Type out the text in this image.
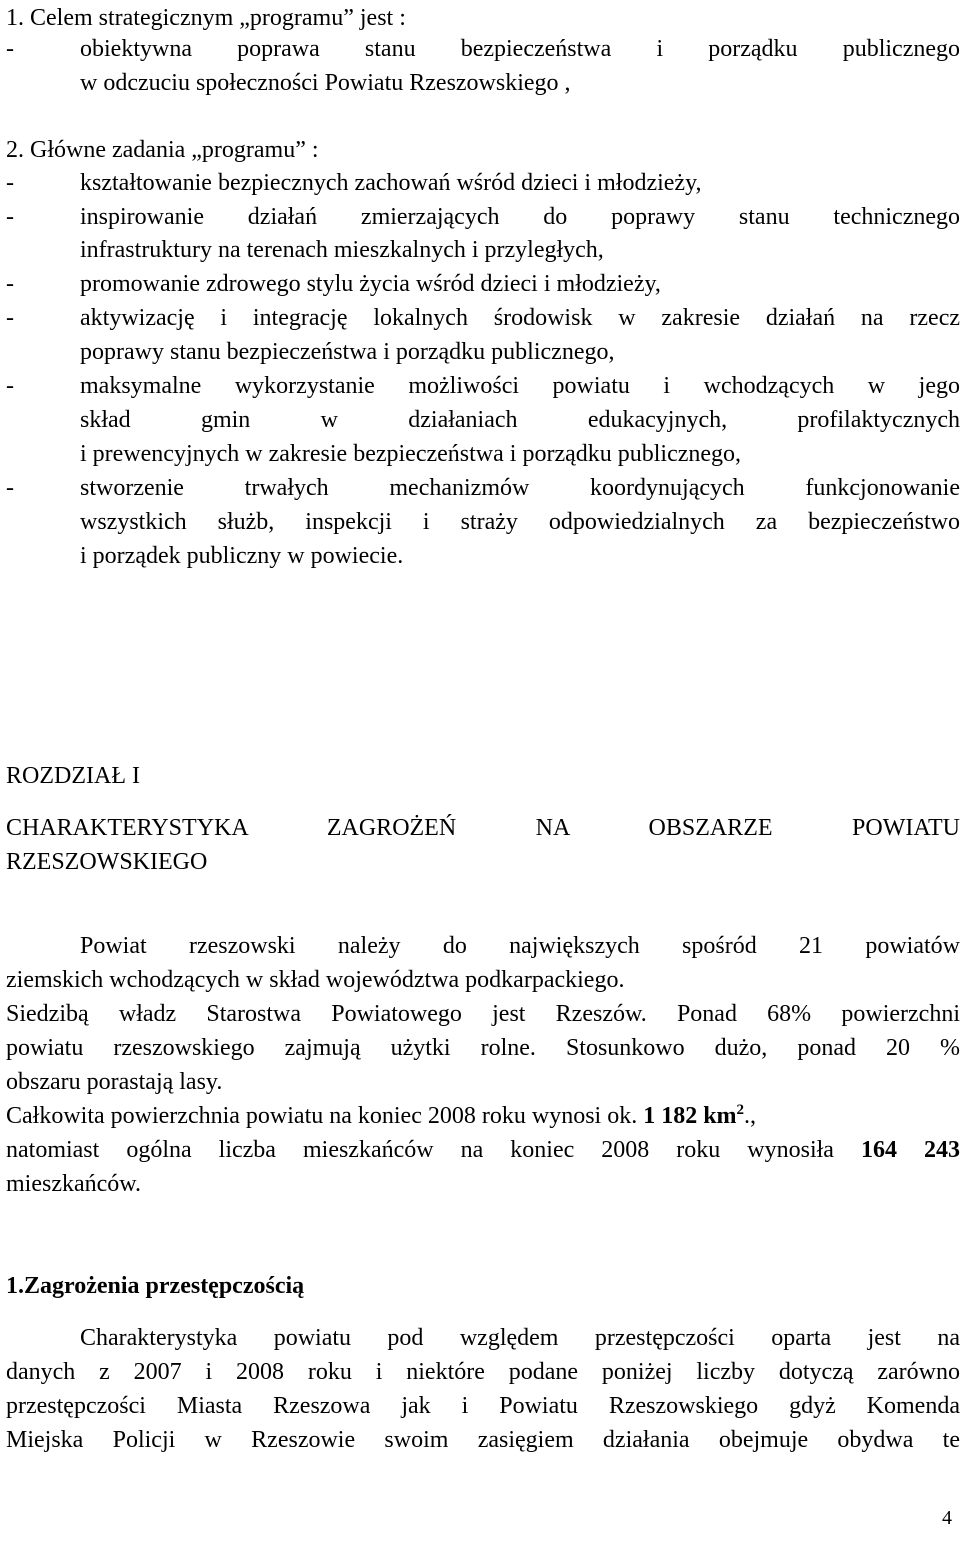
1. Celem strategicznym „programu” jest :
-	obiektywna poprawa stanu bezpieczeństwa i porządku publicznego
w odczuciu społeczności Powiatu Rzeszowskiego ,
2. Główne zadania „programu” :
-	kształtowanie bezpiecznych zachowań wśród dzieci i młodzieży,
-	inspirowanie działań zmierzających do poprawy stanu technicznego
infrastruktury na terenach mieszkalnych i przyległych,
-	promowanie zdrowego stylu życia wśród dzieci i młodzieży,
-	aktywizację i integrację lokalnych środowisk w zakresie działań na rzecz
poprawy stanu bezpieczeństwa i porządku publicznego,
-	maksymalne wykorzystanie możliwości powiatu i wchodzących w jego
skład gmin w działaniach edukacyjnych, profilaktycznych
i prewencyjnych w zakresie bezpieczeństwa i porządku publicznego,
-	stworzenie trwałych mechanizmów koordynujących funkcjonowanie
wszystkich służb, inspekcji i straży odpowiedzialnych za bezpieczeństwo
i porządek publiczny w powiecie.
ROZDZIAŁ I
CHARAKTERYSTYKA ZAGROŻEŃ NA OBSZARZE POWIATU
RZESZOWSKIEGO
Powiat rzeszowski należy do największych spośród 21 powiatów
ziemskich wchodzących w skład województwa podkarpackiego.
Siedzibą władz Starostwa Powiatowego jest Rzeszów. Ponad 68% powierzchni
powiatu rzeszowskiego zajmują użytki rolne. Stosunkowo dużo, ponad 20 %
obszaru porastają lasy.
Całkowita powierzchnia powiatu na koniec 2008 roku wynosi ok. 1 182 $km^2$.,
natomiast ogólna liczba mieszkańców na koniec 2008 roku wynosiła 164 243
mieszkańców.
1.Zagrożenia przestępczością
Charakterystyka powiatu pod względem przestępczości oparta jest na
danych z 2007 i 2008 roku i niektóre podane poniżej liczby dotyczą zarówno
przestępczości Miasta Rzeszowa jak i Powiatu Rzeszowskiego gdyż Komenda
Miejska Policji w Rzeszowie swoim zasięgiem działania obejmuje obydwa te
4
